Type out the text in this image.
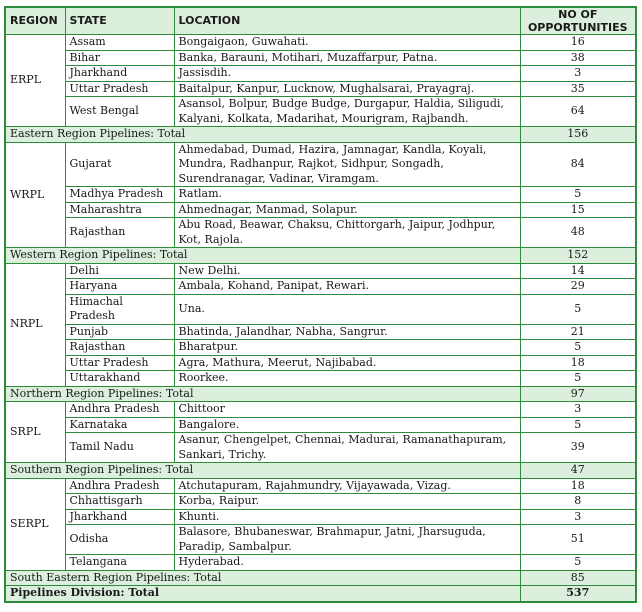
REGION	STATE	LOCATION	NO OF
OPPORTUNITIES
ERPL	Assam	Bongaigaon, Guwahati.	16
	Bihar	Banka, Barauni, Motihari, Muzaffarpur, Patna.	38
	Jharkhand	Jassisdih.	3
	Uttar Pradesh	Baitalpur, Kanpur, Lucknow, Mughalsarai, Prayagraj.	35
	West Bengal	Asansol, Bolpur, Budge Budge, Durgapur, Haldia, Siligudi, Kalyani, Kolkata, Madarihat, Mourigram, Rajbandh.	64
Eastern Region Pipelines: Total			156
WRPL	Gujarat	Ahmedabad, Dumad, Hazira, Jamnagar, Kandla, Koyali, Mundra, Radhanpur, Rajkot, Sidhpur, Songadh, Surendranagar, Vadinar, Viramgam.	84
	Madhya Pradesh	Ratlam.	5
	Maharashtra	Ahmednagar, Manmad, Solapur.	15
	Rajasthan	Abu Road, Beawar, Chaksu, Chittorgarh, Jaipur, Jodhpur, Kot, Rajola.	48
Western Region Pipelines: Total			152
NRPL	Delhi	New Delhi.	14
	Haryana	Ambala, Kohand, Panipat, Rewari.	29
	Himachal Pradesh	Una.	5
	Punjab	Bhatinda, Jalandhar, Nabha, Sangrur.	21
	Rajasthan	Bharatpur.	5
	Uttar Pradesh	Agra, Mathura, Meerut, Najibabad.	18
	Uttarakhand	Roorkee.	5
Northern Region Pipelines: Total			97
SRPL	Andhra Pradesh	Chittoor	3
	Karnataka	Bangalore.	5
	Tamil Nadu	Asanur, Chengelpet, Chennai, Madurai, Ramanathapuram, Sankari, Trichy.	39
Southern Region Pipelines: Total			47
SERPL	Andhra Pradesh	Atchutapuram, Rajahmundry, Vijayawada, Vizag.	18
	Chhattisgarh	Korba, Raipur.	8
	Jharkhand	Khunti.	3
	Odisha	Balasore, Bhubaneswar, Brahmapur, Jatni, Jharsuguda, Paradip, Sambalpur.	51
	Telangana	Hyderabad.	5
South Eastern Region Pipelines: Total			85
Pipelines Division: Total			537
